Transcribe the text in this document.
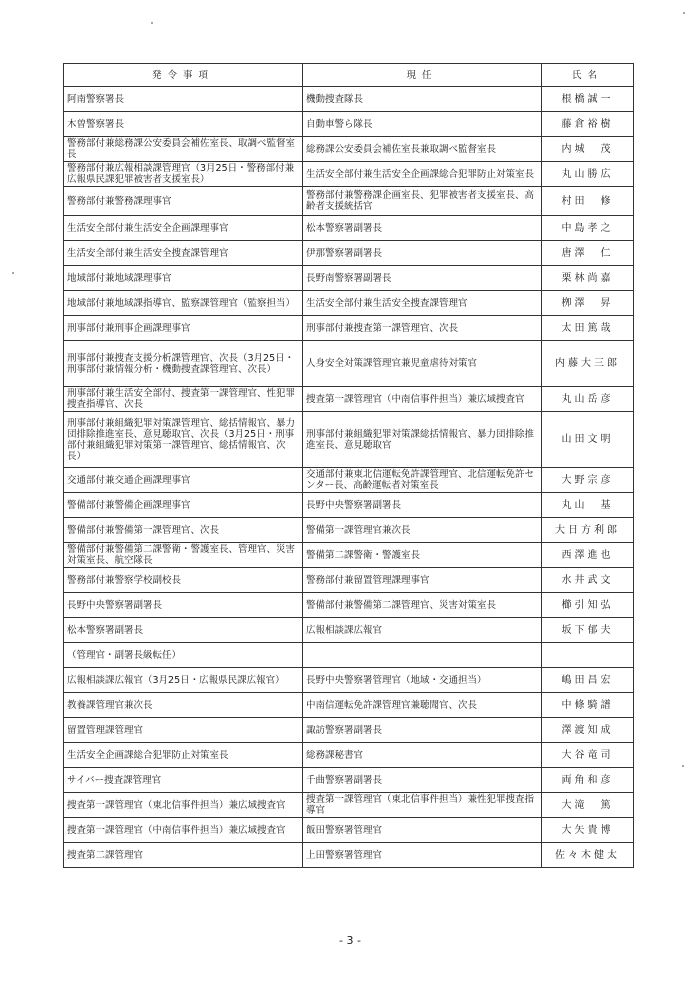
発令事項	現任	氏名
阿南警察署長	機動捜査隊長	根橋誠一
木曽警察署長	自動車警ら隊長	藤倉裕樹
警務部付兼総務課公安委員会補佐室長、取調べ監督室長	総務課公安委員会補佐室長兼取調べ監督室長	内城　茂
警務部付兼広報相談課管理官（3月25日・警務部付兼広報県民課犯罪被害者支援室長）	生活安全部付兼生活安全企画課総合犯罪防止対策室長	丸山勝広
警務部付兼警務課理事官	警務部付兼警務課企画室長、犯罪被害者支援室長、高齢者支援統括官	村田　修
生活安全部付兼生活安全企画課理事官	松本警察署副署長	中島孝之
生活安全部付兼生活安全捜査課管理官	伊那警察署副署長	唐澤　仁
地域部付兼地域課理事官	長野南警察署副署長	栗林尚嘉
地域部付兼地域課指導官、監察課管理官（監察担当）	生活安全部付兼生活安全捜査課管理官	栁澤　昇
刑事部付兼刑事企画課理事官	刑事部付兼捜査第一課管理官、次長	太田篤哉
刑事部付兼捜査支援分析課管理官、次長（3月25日・刑事部付兼情報分析・機動捜査課管理官、次長）	人身安全対策課管理官兼児童虐待対策官	内藤大三郎
刑事部付兼生活安全部付、捜査第一課管理官、性犯罪捜査指導官、次長	捜査第一課管理官（中南信事件担当）兼広域捜査官	丸山岳彦
刑事部付兼組織犯罪対策課管理官、総括情報官、暴力団排除推進室長、意見聴取官、次長（3月25日・刑事部付兼組織犯罪対策第一課管理官、総括情報官、次長）	刑事部付兼組織犯罪対策課総括情報官、暴力団排除推進室長、意見聴取官	山田文明
交通部付兼交通企画課理事官	交通部付兼東北信運転免許課管理官、北信運転免許センター長、高齢運転者対策室長	大野宗彦
警備部付兼警備企画課理事官	長野中央警察署副署長	丸山　基
警備部付兼警備第一課管理官、次長	警備第一課管理官兼次長	大日方利郎
警備部付兼警備第二課警衛・警護室長、管理官、災害対策室長、航空隊長	警備第二課警衛・警護室長	西澤進也
警務部付兼警察学校副校長	警務部付兼留置管理課理事官	水井武文
長野中央警察署副署長	警備部付兼警備第二課管理官、災害対策室長	櫛引知弘
松本警察署副署長	広報相談課広報官	坂下郁夫
（管理官・副署長級転任）		
広報相談課広報官（3月25日・広報県民課広報官）	長野中央警察署管理官（地域・交通担当）	嶋田昌宏
教養課管理官兼次長	中南信運転免許課管理官兼聴聞官、次長	中條騎譜
留置管理課管理官	諏訪警察署副署長	澤渡知成
生活安全企画課総合犯罪防止対策室長	総務課秘書官	大谷竜司
サイバー捜査課管理官	千曲警察署副署長	両角和彦
捜査第一課管理官（東北信事件担当）兼広域捜査官	捜査第一課管理官（東北信事件担当）兼性犯罪捜査指導官	大滝　篤
捜査第一課管理官（中南信事件担当）兼広域捜査官	飯田警察署管理官	大矢貴博
捜査第二課管理官	上田警察署管理官	佐々木健太
- 3 -
